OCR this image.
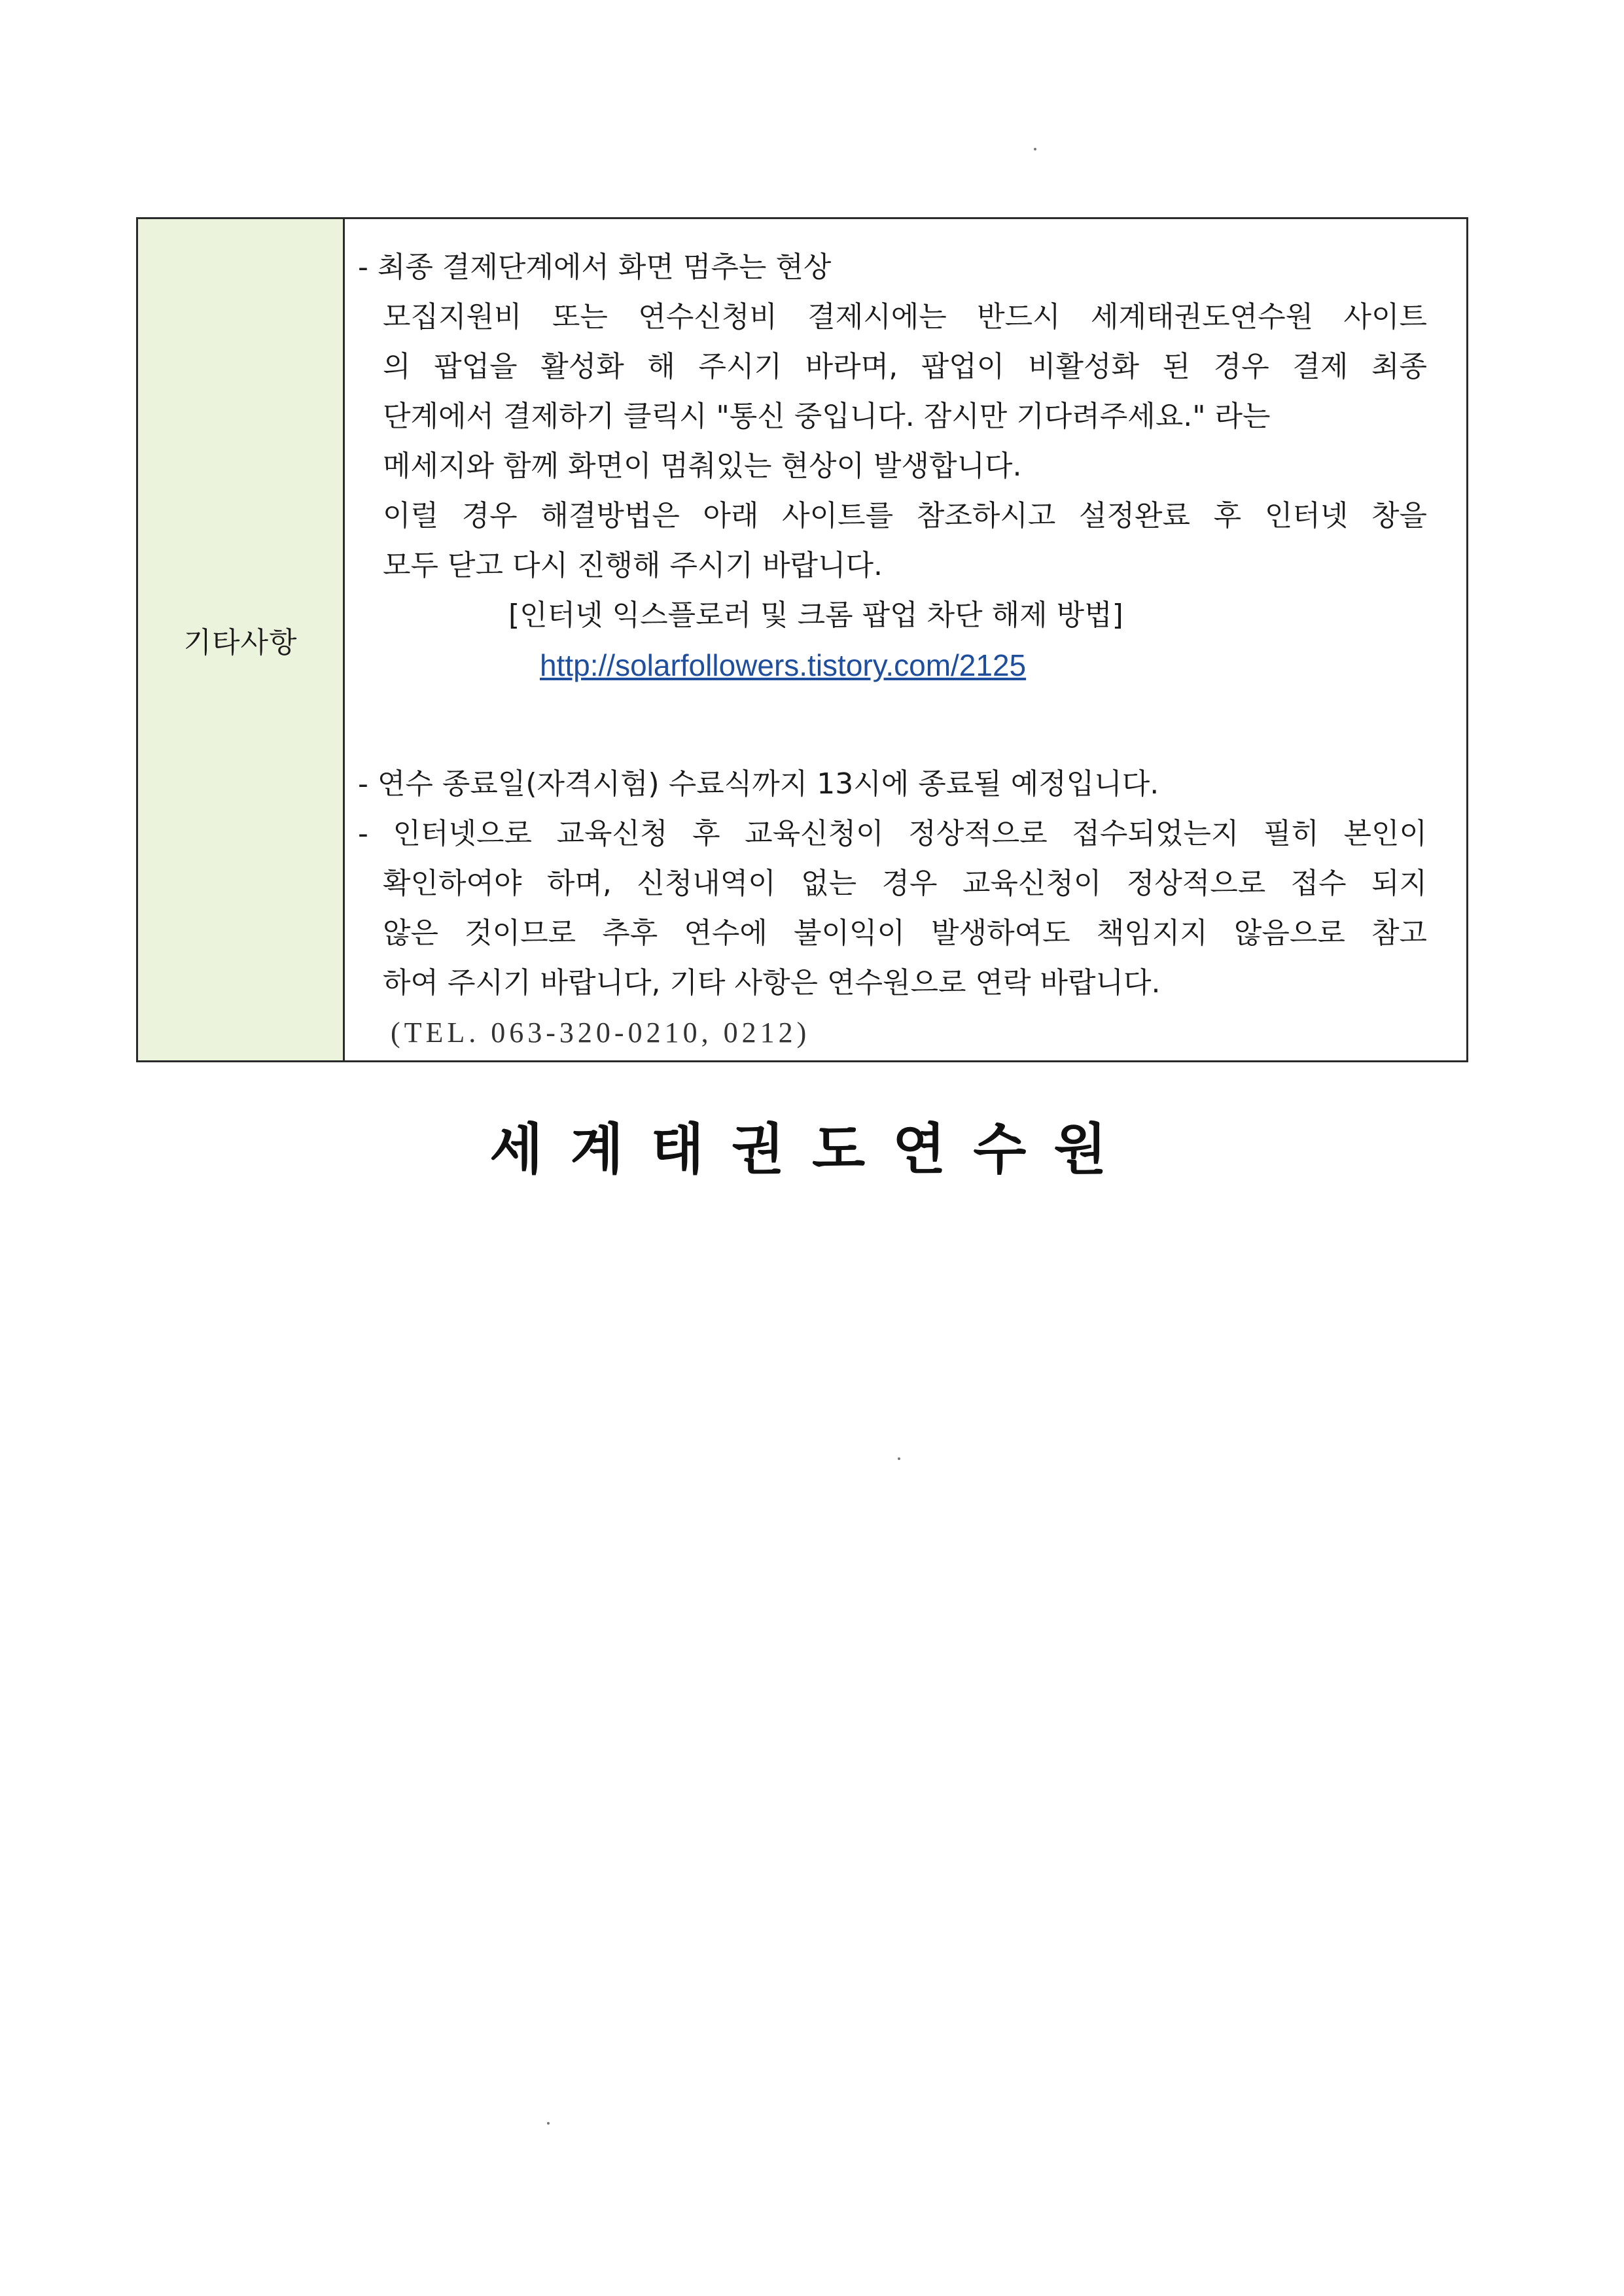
기타사항
- 최종 결제단계에서 화면 멈추는 현상
모집지원비 또는 연수신청비 결제시에는 반드시 세계태권도연수원 사이트
의 팝업을 활성화 해 주시기 바라며, 팝업이 비활성화 된 경우 결제 최종
단계에서 결제하기 클릭시 "통신 중입니다. 잠시만 기다려주세요." 라는
메세지와 함께 화면이 멈춰있는 현상이 발생합니다.
이럴 경우 해결방법은 아래 사이트를 참조하시고 설정완료 후 인터넷 창을
모두 닫고 다시 진행해 주시기 바랍니다.
[인터넷 익스플로러 및 크롬 팝업 차단 해제 방법]
http://solarfollowers.tistory.com/2125
- 연수 종료일(자격시험) 수료식까지 13시에 종료될 예정입니다.
- 인터넷으로 교육신청 후 교육신청이 정상적으로 접수되었는지 필히 본인이
확인하여야 하며, 신청내역이 없는 경우 교육신청이 정상적으로 접수 되지
않은 것이므로 추후 연수에 불이익이 발생하여도 책임지지 않음으로 참고
하여 주시기 바랍니다, 기타 사항은 연수원으로 연락 바랍니다.
(TEL. 063-320-0210, 0212)
세계태권도연수원
